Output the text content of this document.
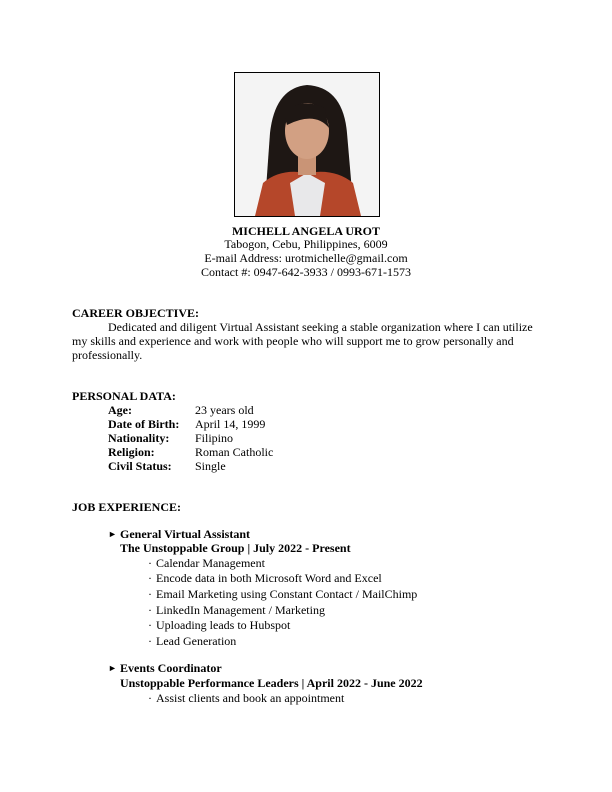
MICHELL ANGELA UROT
Tabogon, Cebu, Philippines, 6009
E-mail Address: urotmichelle@gmail.com
Contact #: 0947-642-3933 / 0993-671-1573
CAREER OBJECTIVE:
Dedicated and diligent Virtual Assistant seeking a stable organization where I can utilize
my skills and experience and work with people who will support me to grow personally and
professionally.
PERSONAL DATA:
Age:	23 years old
Date of Birth: April 14, 1999
Nationality: Filipino
Religion:	Roman Catholic
Civil Status: Single
JOB EXPERIENCE:
► General Virtual Assistant
The Unstoppable Group | July 2022 - Present
· Calendar Management
· Encode data in both Microsoft Word and Excel
· Email Marketing using Constant Contact / MailChimp
· LinkedIn Management / Marketing
· Uploading leads to Hubspot
· Lead Generation
► Events Coordinator
Unstoppable Performance Leaders | April 2022 - June 2022
· Assist clients and book an appointment
